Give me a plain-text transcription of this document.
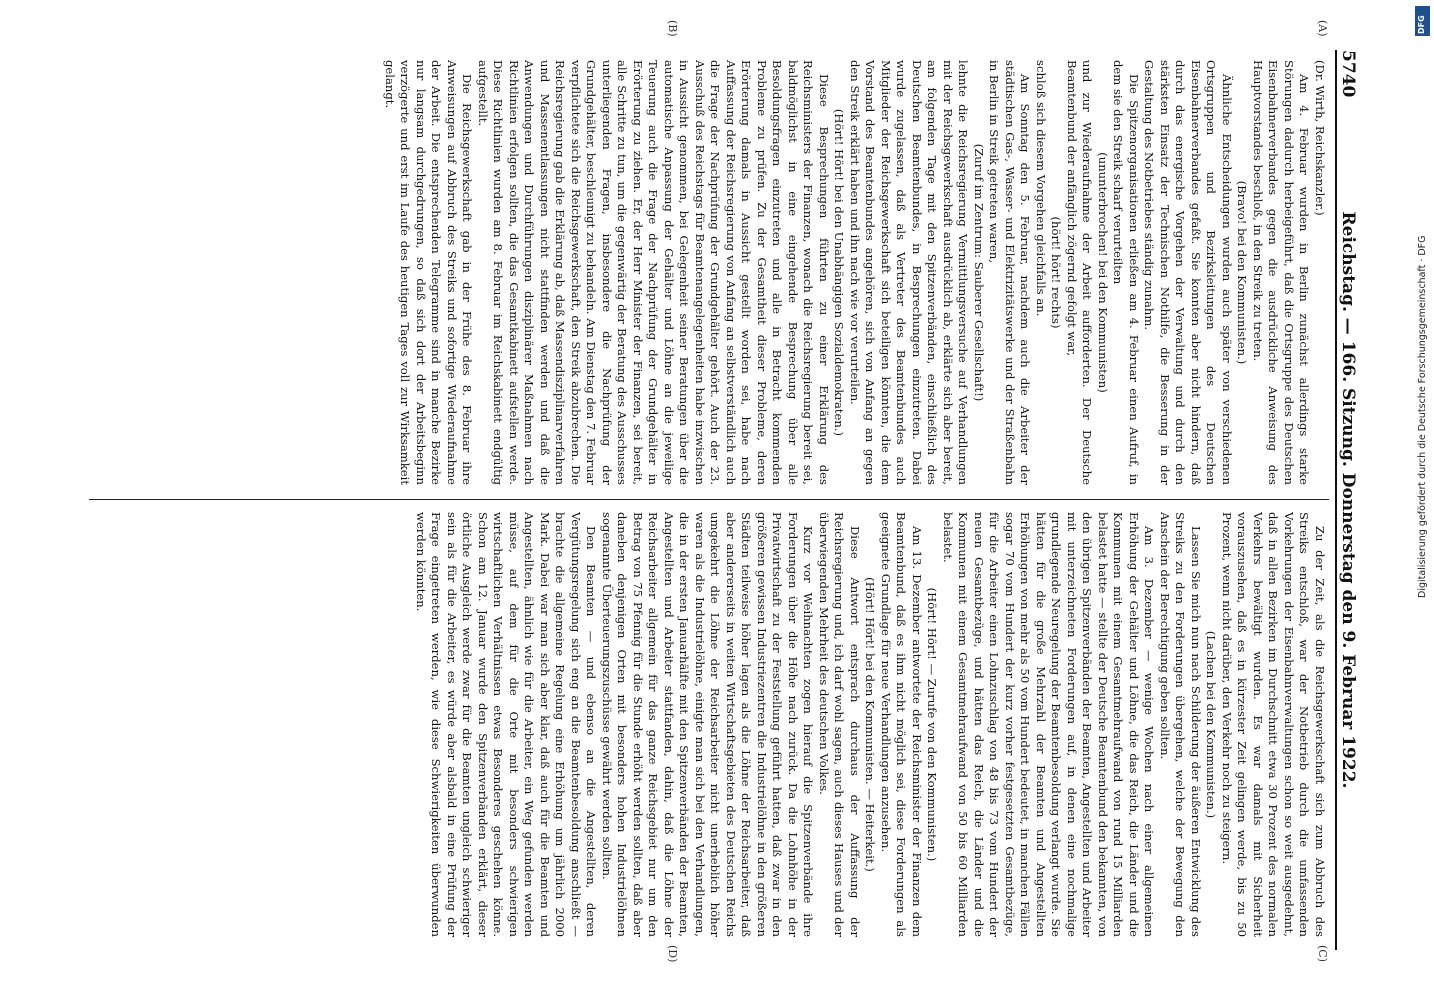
5740
Reichstag. — 166. Sitzung. Donnerstag den 9. Februar 1922.
(A)
(B)
(C)
(D)

(Dr. Wirth, Reichskanzler.)

Am 4. Februar wurden in Berlin zunächst allerdings starke Störungen dadurch herbeigeführt, daß die Ortsgruppe des Deutschen Eisenbahnerverbandes gegen die ausdrückliche Anweisung des Hauptvorstandes beschloß, in den Streik zu treten.

(Bravo! bei den Kommunisten.)

Ähnliche Entscheidungen wurden auch später von verschiedenen Ortsgruppen und Bezirksleitungen des Deutschen Eisenbahnerverbandes gefaßt. Sie konnten aber nicht hindern, daß durch das energische Vorgehen der Verwaltung und durch den stärksten Einsatz der Technischen Nothilfe, die Besserung in der Gestaltung des Notbetriebes ständig zunahm.

Die Spitzenorganisationen erließen am 4. Februar einen Aufruf, in dem sie den Streik scharf verurteilten

(ununterbrochen! bei den Kommunisten)

und zur Wiederaufnahme der Arbeit aufforderten. Der Deutsche Beamtenbund der anfänglich zögernd gefolgt war,

(hört! hört! rechts)

schloß sich diesem Vorgehen gleichfalls an.

Am Sonntag den 5. Februar, nachdem auch die Arbeiter der städtischen Gas-, Wasser- und Elektrizitätswerke und der Straßenbahn in Berlin in Streik getreten waren,

(Zuruf im Zentrum: Sauberer Gesellschaft!)

lehnte die Reichsregierung Vermittlungsversuche auf Verhandlungen mit der Reichsgewerkschaft ausdrücklich ab, erklärte sich aber bereit, am folgenden Tage mit den Spitzenverbänden, einschließlich des Deutschen Beamtenbundes, in Besprechungen einzutreten. Dabei wurde zugelassen, daß als Vertreter des Beamtenbundes auch Mitglieder der Reichsgewerkschaft sich beteiligen könnten, die dem Vorstand des Beamtenbundes angehören, sich von Anfang an gegen den Streik erklärt haben und ihn nach wie vor verurteilen.

(Hört! Hört! bei den Unabhängigen Sozialdemokraten.)

Diese Besprechungen führten zu einer Erklärung des Reichsministers der Finanzen, wonach die Reichsregierung bereit sei, baldmöglichst in eine eingehende Besprechung über alle Besoldungsfragen einzutreten und alle in Betracht kommenden Probleme zu prüfen. Zu der Gesamtheit dieser Probleme, deren Erörterung damals in Aussicht gestellt worden sei, habe nach Auffassung der Reichsregierung von Anfang an selbstverständlich auch die Frage der Nachprüfung der Grundgehälter gehört. Auch der 23. Ausschuß des Reichstags für Beamtenangelegenheiten habe inzwischen in Aussicht genommen, bei Gelegenheit seiner Beratungen über die automatische Anpassung der Gehälter und Löhne an die jeweilige Teuerung auch die Frage der Nachprüfung der Grundgehälter in Erörterung zu ziehen. Er, der Herr Minister der Finanzen, sei bereit, alle Schritte zu tun, um die gegenwärtig der Beratung des Ausschusses unterliegenden Fragen, insbesondere die Nachprüfung der Grundgehälter, beschleunigt zu behandeln. Am Dienstag den 7. Februar verpflichtete sich die Reichsgewerkschaft, den Streik abzubrechen. Die Reichsregierung gab die Erklärung ab, daß Massendisziplinarverfahren und Massenentlassungen nicht stattfinden werden und daß die Anwendungen und Durchführungen disziplinärer Maßnahmen nach Richtlinien erfolgen sollten, die das Gesamtkabinett aufstellen werde. Diese Richtlinien wurden am 8. Februar im Reichskabinett endgültig aufgestellt.

Die Reichsgewerkschaft gab in der Frühe des 8. Februar ihre Anweisungen auf Abbruch des Streiks und sofortige Wiederaufnahme der Arbeit. Die entsprechenden Telegramme sind in manche Bezirke nur langsam durchgedrungen, so daß sich dort der Arbeitsbeginn verzögerte und erst im Laufe des heutigen Tages voll zur Wirksamkeit gelangt.

Zu der Zeit, als die Reichsgewerkschaft sich zum Abbruch des Streiks entschloß, war der Notbetrieb durch die umfassenden Vorkehrungen der Eisenbahnverwaltungen schon so weit ausgedehnt, daß in allen Bezirken im Durchschnitt etwa 30 Prozent des normalen Verkehrs bewältigt wurden. Es war damals mit Sicherheit vorauszusehen, daß es in kürzester Zeit gelingen werde, bis zu 50 Prozent, wenn nicht darüber, den Verkehr noch zu steigern.

(Lachen bei den Kommunisten.)

Lassen Sie mich nun nach Schilderung der äußeren Entwicklung des Streiks zu den Forderungen übergehen, welche der Bewegung den Anschein der Berechtigung geben sollten.

Am 3. Dezember — wenige Wochen nach einer allgemeinen Erhöhung der Gehälter und Löhne, die das Reich, die Länder und die Kommunen mit einem Gesamtmehraufwand von rund 15 Milliarden belastet hatte — stellte der Deutsche Beamtenbund den bekannten, von den übrigen Spitzenverbänden der Beamten, Angestellten und Arbeiter mit unterzeichneten Forderungen auf, in denen eine nochmalige grundlegende Neuregelung der Beamtenbesoldung verlangt wurde. Sie hätten für die große Mehrzahl der Beamten und Angestellten Erhöhungen von mehr als 50 vom Hundert bedeutet, in manchen Fällen sogar 70 vom Hundert der kurz vorher festgesetzten Gesamtbezüge, für die Arbeiter einen Lohnzuschlag von 48 bis 73 vom Hundert der neuen Gesamtbezüge, und hätten das Reich, die Länder und die Kommunen mit einem Gesamtmehraufwand von 50 bis 60 Milliarden belastet.

(Hört! Hört! — Zurufe von den Kommunisten.)

Am 13. Dezember antwortete der Reichsminister der Finanzen dem Beamtenbund, daß es ihm nicht möglich sei, diese Forderungen als geeignete Grundlage für neue Verhandlungen anzusehen.

(Hört! Hört! bei den Kommunisten. — Heiterkeit.)

Diese Antwort entsprach durchaus der Auffassung der Reichsregierung und, ich darf wohl sagen, auch dieses Hauses und der überwiegenden Mehrheit des deutschen Volkes.

Kurz vor Weihnachten zogen hierauf die Spitzenverbände ihre Forderungen über die Höhe nach zurück. Da die Lohnhöhe in der Privatwirtschaft zu der Feststellung geführt hatten, daß zwar in den größeren gewissen Industriezentren die Industrielöhne in den größeren Städten teilweise höher lagen als die Löhne der Reichsarbeiter, daß aber andererseits in weiten Wirtschaftsgebieten des Deutschen Reichs umgekehrt die Löhne der Reichsarbeiter nicht unerheblich höher waren als die Industrielöhne, einigte man sich bei den Verhandlungen, die in der ersten Januarhälfte mit den Spitzenverbänden der Beamten, Angestellten und Arbeiter stattfanden, dahin, daß die Löhne der Reichsarbeiter allgemein für das ganze Reichsgebiet nur um den Betrag von 75 Pfennig für die Stunde erhöht werden sollten, daß aber daneben denjenigen Orten mit besonders hohen Industrielöhnen sogenannte Überteuerungszuschüsse gewährt werden sollten.

Den Beamten — und ebenso an die Angestellten, deren Vergütungsregelung sich eng an die Beamtenbesoldung anschließt — brachte die allgemeine Regelung eine Erhöhung um jährlich 2000 Mark. Dabei war man sich aber klar, daß auch für die Beamten und Angestellten, ähnlich wie für die Arbeiter, ein Weg gefunden werden müsse, auf dem für die Orte mit besonders schwierigen wirtschaftlichen Verhältnissen etwas Besonderes geschehen könne. Schon am 12. Januar wurde den Spitzenverbänden erklärt, dieser örtliche Ausgleich werde zwar für die Beamten ungleich schwieriger sein als für die Arbeiter, es würde aber alsbald in eine Prüfung der Frage eingetreten werden, wie diese Schwierigkeiten überwunden werden könnten.

DFG
Digitalisierung gefördert durch die Deutsche Forschungsgemeinschaft · DFG
